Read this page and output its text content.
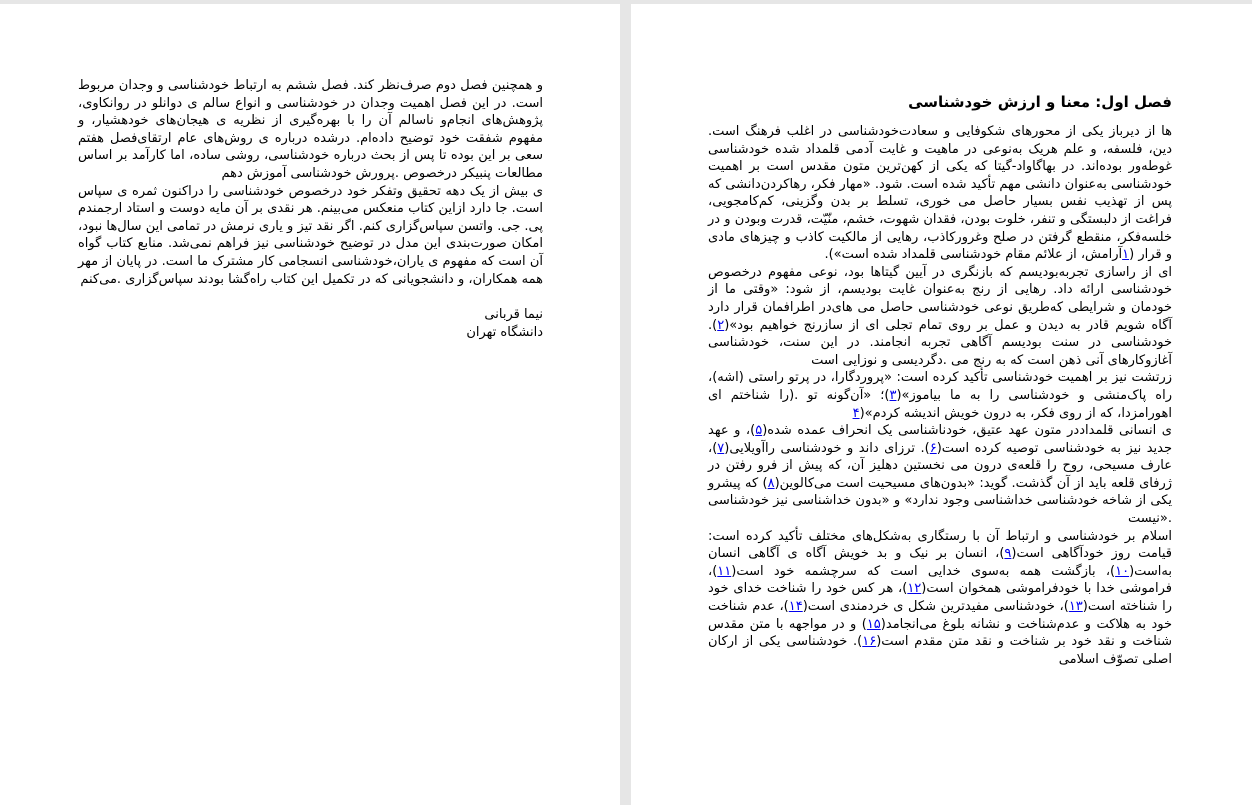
و همچنین فصل دوم صرف‌نظر کند. فصل ششم به ارتباط خودشناسی و وجدان مربوط است. در این فصل اهمیت وجدان در خودشناسی و انواع سالم ی دوانلو در روانکاوی، پژوهش‌های انجام‌و ناسالم آن را با بهره‌گیری از نظریه ی هیجان‌های خودهشیار، و مفهوم شفقت خود توضیح داده‌ام. درشده درباره ی روش‌های عام ارتقای‌فصل هفتم سعی بر این بوده تا پس از بحث درباره خودشناسی، روشی ساده، اما کارآمد بر اساس مطالعات پنبیکر درخصوص .پرورش خودشناسی آموزش دهم

ی بیش از یک دهه تحقیق وتفکر خود درخصوص خودشناسی را دراکنون ثمره ی سپاس است. جا دارد ازاین کتاب منعکس می‌بینم. هر نقدی بر آن مایه دوست و استاد ارجمندم پی. جی. واتسن سپاس‌گزاری کنم. اگر نقد تیز و یاری نرمش در تمامی این سال‌ها نبود، امکان صورت‌بندی این مدل در توضیح خودشناسی نیز فراهم نمی‌شد. منابع کتاب گواه آن است که مفهوم ی یاران،خودشناسی انسجامی کار مشترک ما است. در پایان از مهر همه همکاران، و دانشجویانی که در تکمیل این کتاب راه‌گشا بودند سپاس‌گزاری .می‌کنم

نیما قربانی

دانشگاه تهران

فصل اول: معنا و ارزش خودشناسی

ها از دیرباز یکی از محورهای شکوفایی و سعادت‌خودشناسی در اغلب فرهنگ است. دین، فلسفه، و علم هریک به‌نوعی در ماهیت و غایت آدمی قلمداد شده خودشناسی غوطه‌ور بوده‌اند. در بهاگاواد-گیتا که یکی از کهن‌ترین متون مقدس است بر اهمیت خودشناسی به‌عنوان دانشی مهم تأکید شده است. شود. «مهار فکر، رهاکردن‌دانشی که پس از تهذیب نفس بسیار حاصل می خوری، تسلط بر بدن وگزینی، کم‌کامجویی، فراغت از دلبستگی و تنفر، خلوت بودن، فقدان شهوت، خشم، منّیّت، قدرت وبودن و در خلسه‌فکر، منقطع گرفتن در صلح وغرورکاذب، رهایی از مالکیت کاذب و چیزهای مادی و قرار (۱آرامش، از علائم مقام خودشناسی قلمداد شده است»).

ای از راسازی تجربه‌بودیسم که بازنگری در آیین گیتاها بود، نوعی مفهوم درخصوص خودشناسی ارائه داد. رهایی از رنج به‌عنوان غایت بودیسم، از شود: «وقتی ما از خودمان و شرایطی که‌طریق نوعی خودشناسی حاصل می های‌در اطرافمان قرار دارد آگاه شویم قادر به دیدن و عمل بر روی تمام تجلی ای از سازرنج خواهیم بود»(۲). خودشناسی در سنت بودیسم آگاهی تجربه انجامند. در این سنت، خودشناسی آغازوکارهای آنی ذهن است که به رنج می .دگردیسی و نوزایی است

زرتشت نیز بر اهمیت خودشناسی تأکید کرده است: «پروردگارا، در پرتو راستی (اشه)، راه پاک‌منشی و خودشناسی را به ما بیاموز»(۳)؛ «آن‌گونه تو .(را شناختم ای اهورامزدا، که از روی فکر، به درون خویش اندیشه کردم»(۴

ی انسانی قلمداددر متون عهد عتیق، خودناشناسی یک انحراف عمده شده(۵)، و عهد جدید نیز به خودشناسی توصیه کرده است(۶). ترزای داند و خودشناسی راآویلایی(۷)، عارف مسیحی، روح را قلعه‌ی درون می نخستین دهلیز آن، که پیش از فرو رفتن در ژرفای قلعه باید از آن گذشت. گوید: «بدون‌های مسیحیت است می‌کالوین(۸) که پیشرو یکی از شاخه خودشناسی خداشناسی وجود ندارد» و «بدون خداشناسی نیز خودشناسی .«نیست

اسلام بر خودشناسی و ارتباط آن با رستگاری به‌شکل‌های مختلف تأکید کرده است: قیامت روز خودآگاهی است(۹)، انسان بر نیک و بد خویش آگاه ی آگاهی انسان به‌است(۱۰)، بازگشت همه به‌سوی خدایی است که سرچشمه خود است(۱۱)، فراموشی خدا با خودفراموشی همخوان است(۱۲)، هر کس خود را شناخت خدای خود را شناخته است(۱۳)، خودشناسی مفیدترین شکل ی خردمندی است(۱۴)، عدم شناخت خود به هلاکت و عدم‌شناخت و نشانه بلوغ می‌انجامد(۱۵) و در مواجهه با متن مقدس شناخت و نقد خود بر شناخت و نقد متن مقدم است(۱۶). خودشناسی یکی از ارکان اصلی تصوّف اسلامی
